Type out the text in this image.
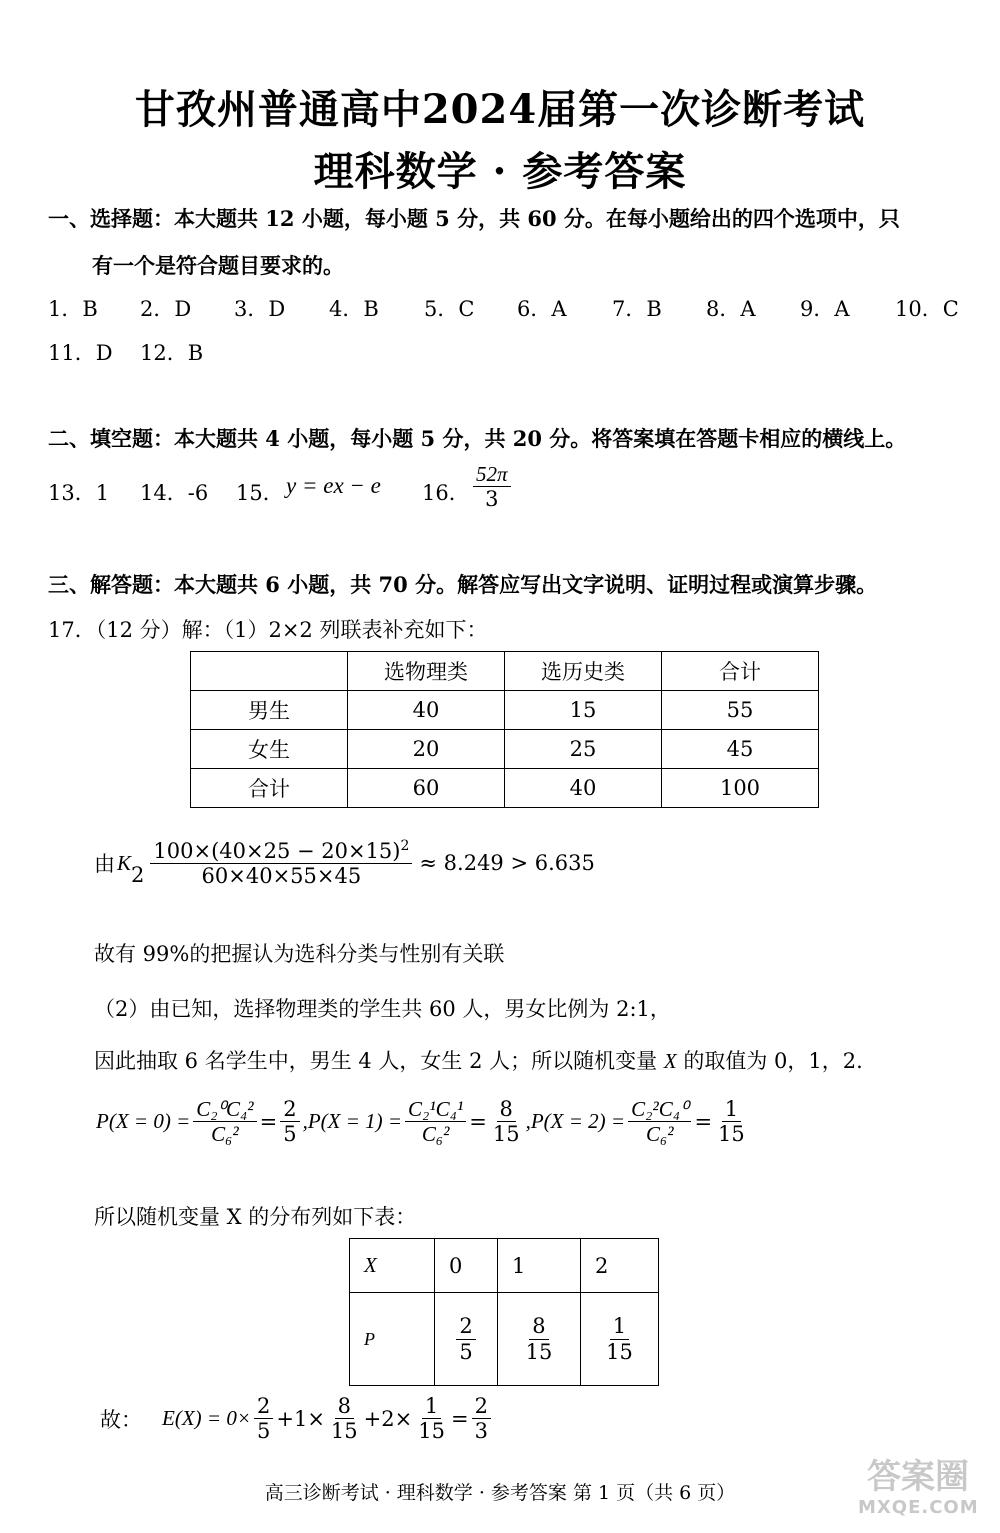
甘孜州普通高中2024届第一次诊断考试
理科数学 · 参考答案
一、选择题：本大题共 12 小题，每小题 5 分，共 60 分。在每小题给出的四个选项中，只
有一个是符合题目要求的。
1．B 2．D 3．D 4．B 5．C 6．A 7．B 8．A 9．A 10．C
11．D 12．B
二、填空题：本大题共 4 小题，每小题 5 分，共 20 分。将答案填在答题卡相应的横线上。
13．1 14．-6 15． y = ex − e 16． $\frac{52\pi}{3}$
三、解答题：本大题共 6 小题，共 70 分。解答应写出文字说明、证明过程或演算步骤。
17．（12 分）解：（1）2×2 列联表补充如下：
	选物理类	选历史类	合计
男生	40	15	55
女生	20	25	45
合计	60	40	100
由 K
$2 \frac{100\times(40\times 25 - 20\times 15)^2}{60\times 40\times 55\times 45} \approx 8.249 > 6.635$
故有 99%的把握认为选科分类与性别有关联
（2）由已知，选择物理类的学生共 60 人，男女比例为 2:1，
因此抽取 6 名学生中，男生 4 人，女生 2 人；所以随机变量 X 的取值为 0，1，2.
$P(X = 0) = \frac{\text{C₂⁰C₄²}}{\text{C₆²}} = \frac{2}{5} ,P(X = 1) = \frac{\text{C₂¹C₄¹}}{\text{C₆²}} = \frac{8}{15} ,P(X = 2) = \frac{\text{C₂²C₄⁰}}{\text{C₆²}} = \frac{1}{15}$
所以随机变量 X 的分布列如下表：
X	0	1	2
P	$\frac{2}{5}$	$\frac{8}{15}$	$\frac{1}{15}$
故： $E(X) = 0\times \frac{2}{5} +1\times \frac{8}{15} +2\times \frac{1}{15} = \frac{2}{3}$
高三诊断考试 · 理科数学 · 参考答案 第 1 页（共 6 页）	答案圈
MXQE.COM
